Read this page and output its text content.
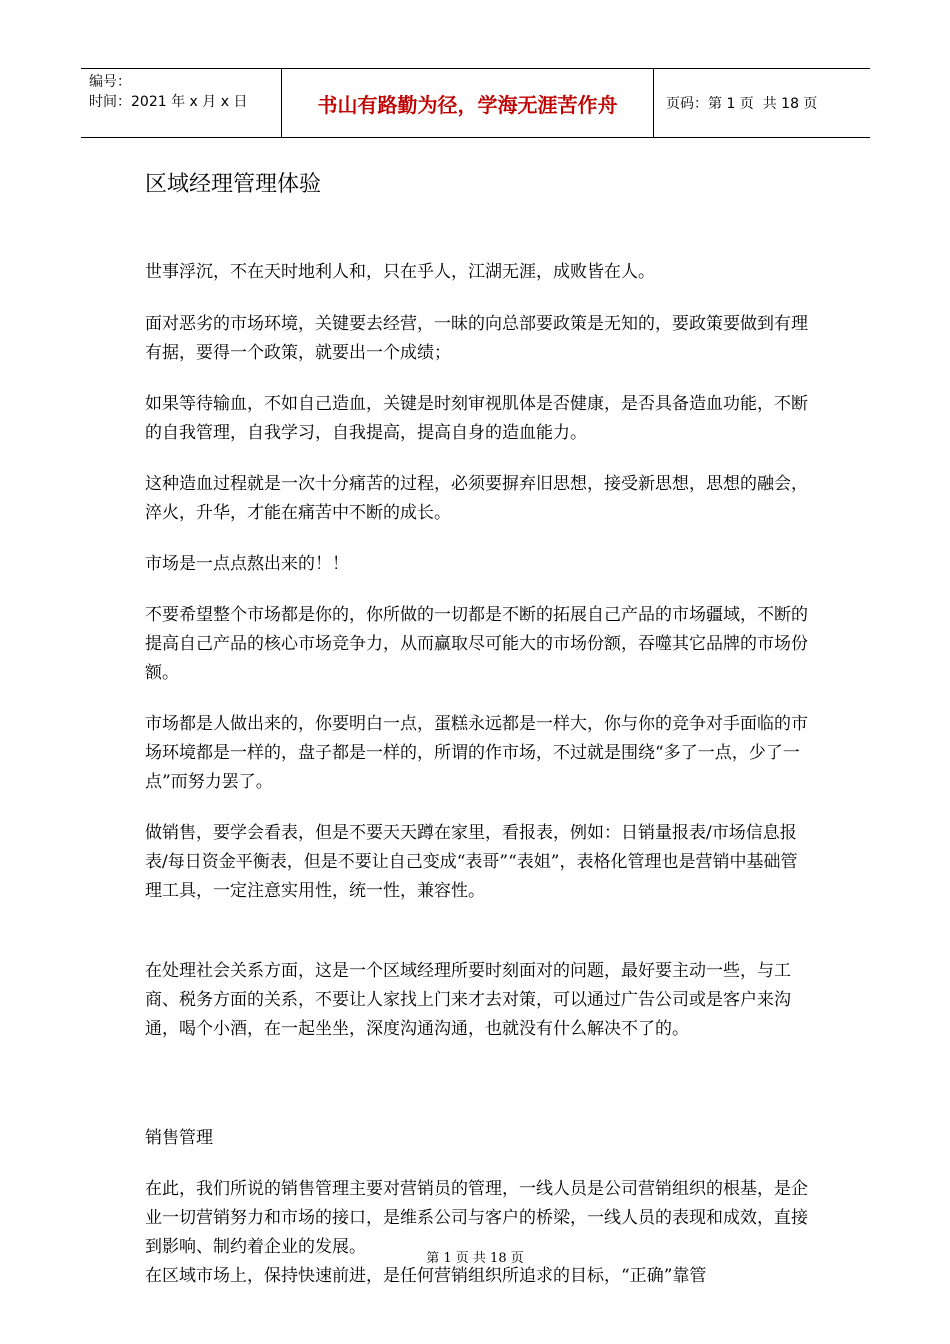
编号：
时间：2021 年 x 月 x 日	书山有路勤为径，学海无涯苦作舟	页码：第 1 页  共 18 页
区域经理管理体验

世事浮沉，不在天时地利人和，只在乎人，江湖无涯，成败皆在人。

面对恶劣的市场环境，关键要去经营，一昧的向总部要政策是无知的，要政策要做到有理有据，要得一个政策，就要出一个成绩；

如果等待输血，不如自己造血，关键是时刻审视肌体是否健康，是否具备造血功能，不断的自我管理，自我学习，自我提高，提高自身的造血能力。

这种造血过程就是一次十分痛苦的过程，必须要摒弃旧思想，接受新思想，思想的融会，淬火，升华，才能在痛苦中不断的成长。

市场是一点点熬出来的！！

不要希望整个市场都是你的，你所做的一切都是不断的拓展自己产品的市场疆域，不断的提高自己产品的核心市场竞争力，从而赢取尽可能大的市场份额，吞噬其它品牌的市场份额。

市场都是人做出来的，你要明白一点，蛋糕永远都是一样大，你与你的竞争对手面临的市场环境都是一样的，盘子都是一样的，所谓的作市场，不过就是围绕“多了一点，少了一点”而努力罢了。

做销售，要学会看表，但是不要天天蹲在家里，看报表，例如：日销量报表/市场信息报表/每日资金平衡表，但是不要让自己变成“表哥”“表姐”，表格化管理也是营销中基础管理工具，一定注意实用性，统一性，兼容性。

在处理社会关系方面，这是一个区域经理所要时刻面对的问题，最好要主动一些，与工商、税务方面的关系，不要让人家找上门来才去对策，可以通过广告公司或是客户来沟通，喝个小酒，在一起坐坐，深度沟通沟通，也就没有什么解决不了的。

销售管理

在此，我们所说的销售管理主要对营销员的管理，一线人员是公司营销组织的根基，是企业一切营销努力和市场的接口，是维系公司与客户的桥梁，一线人员的表现和成效，直接到影响、制约着企业的发展。

在区域市场上，保持快速前进，是任何营销组织所追求的目标，“正确”靠管

第 1 页 共 18 页
